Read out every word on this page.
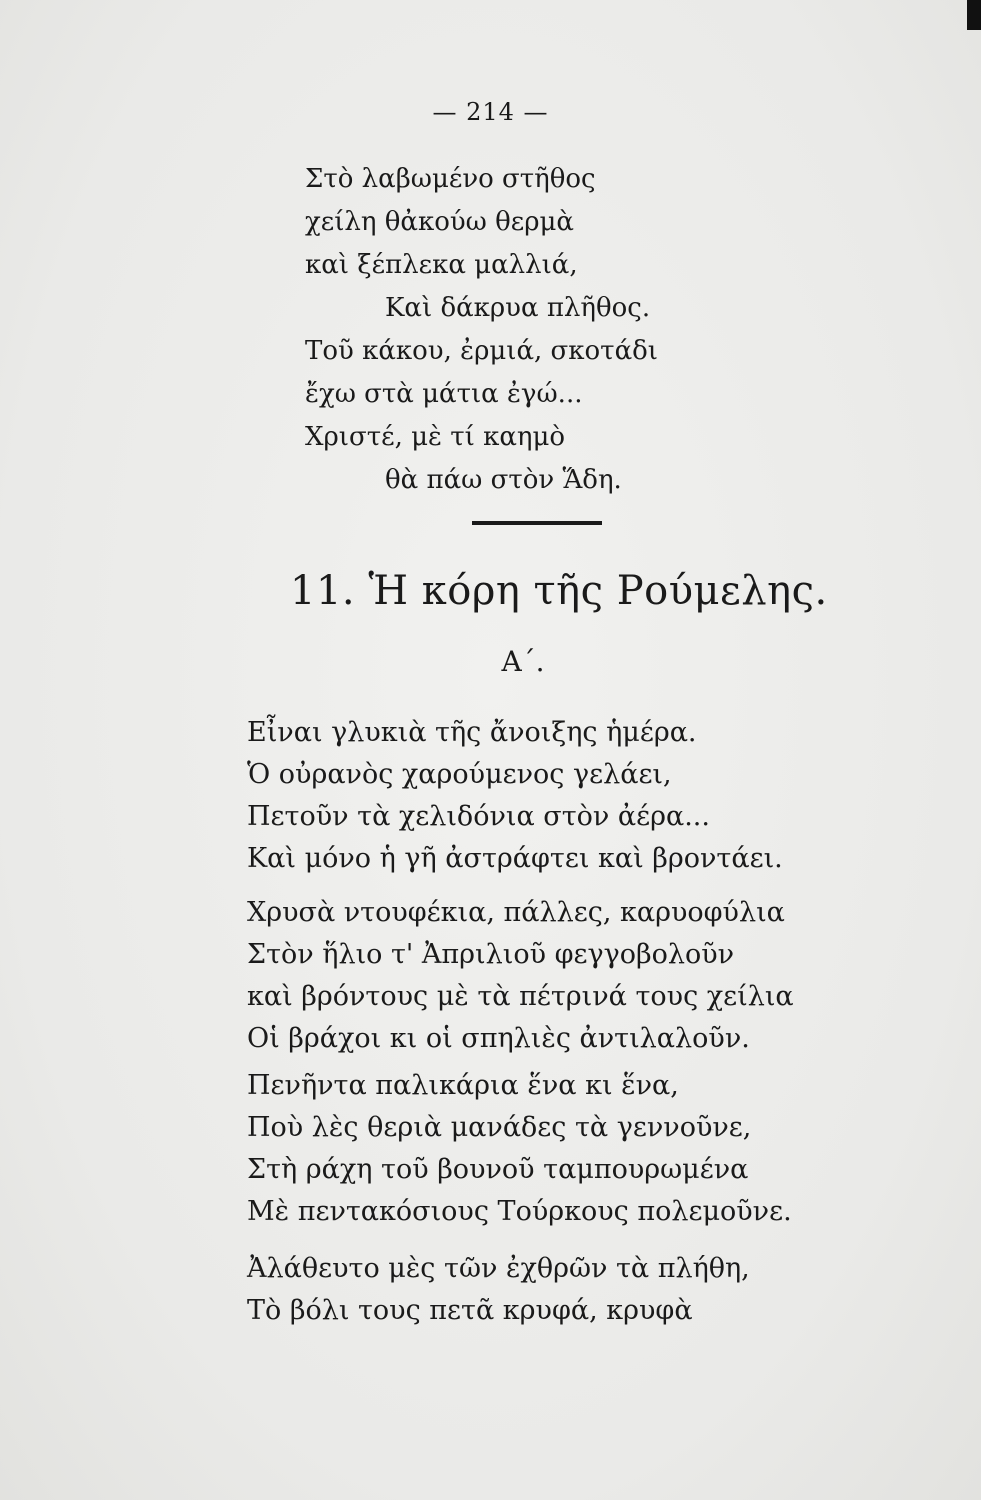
— 214 —
Στὸ λαβωμένο στῆθος
χείλη θἀκούω θερμὰ
καὶ ξέπλεκα μαλλιά,
Καὶ δάκρυα πλῆθος.
Τοῦ κάκου, ἐρμιά, σκοτάδι
ἔχω στὰ μάτια ἐγώ...
Χριστέ, μὲ τί καημὸ
θὰ πάω στὸν Ἅδη.
11. Ἡ κόρη τῆς Ρούμελης.
Α΄.
Εἶναι γλυκιὰ τῆς ἄνοιξης ἡμέρα.
Ὁ οὐρανὸς χαρούμενος γελάει,
Πετοῦν τὰ χελιδόνια στὸν ἀέρα...
Καὶ μόνο ἡ γῆ ἀστράφτει καὶ βροντάει.
Χρυσὰ ντουφέκια, πάλλες, καρυοφύλια
Στὸν ἥλιο τ' Ἀπριλιοῦ φεγγοβολοῦν
καὶ βρόντους μὲ τὰ πέτρινά τους χείλια
Οἱ βράχοι κι οἱ σπηλιὲς ἀντιλαλοῦν.
Πενῆντα παλικάρια ἕνα κι ἕνα,
Ποὺ λὲς θεριὰ μανάδες τὰ γεννοῦνε,
Στὴ ράχη τοῦ βουνοῦ ταμπουρωμένα
Μὲ πεντακόσιους Τούρκους πολεμοῦνε.
Ἀλάθευτο μὲς τῶν ἐχθρῶν τὰ πλήθη,
Τὸ βόλι τους πετᾶ κρυφά, κρυφὰ
